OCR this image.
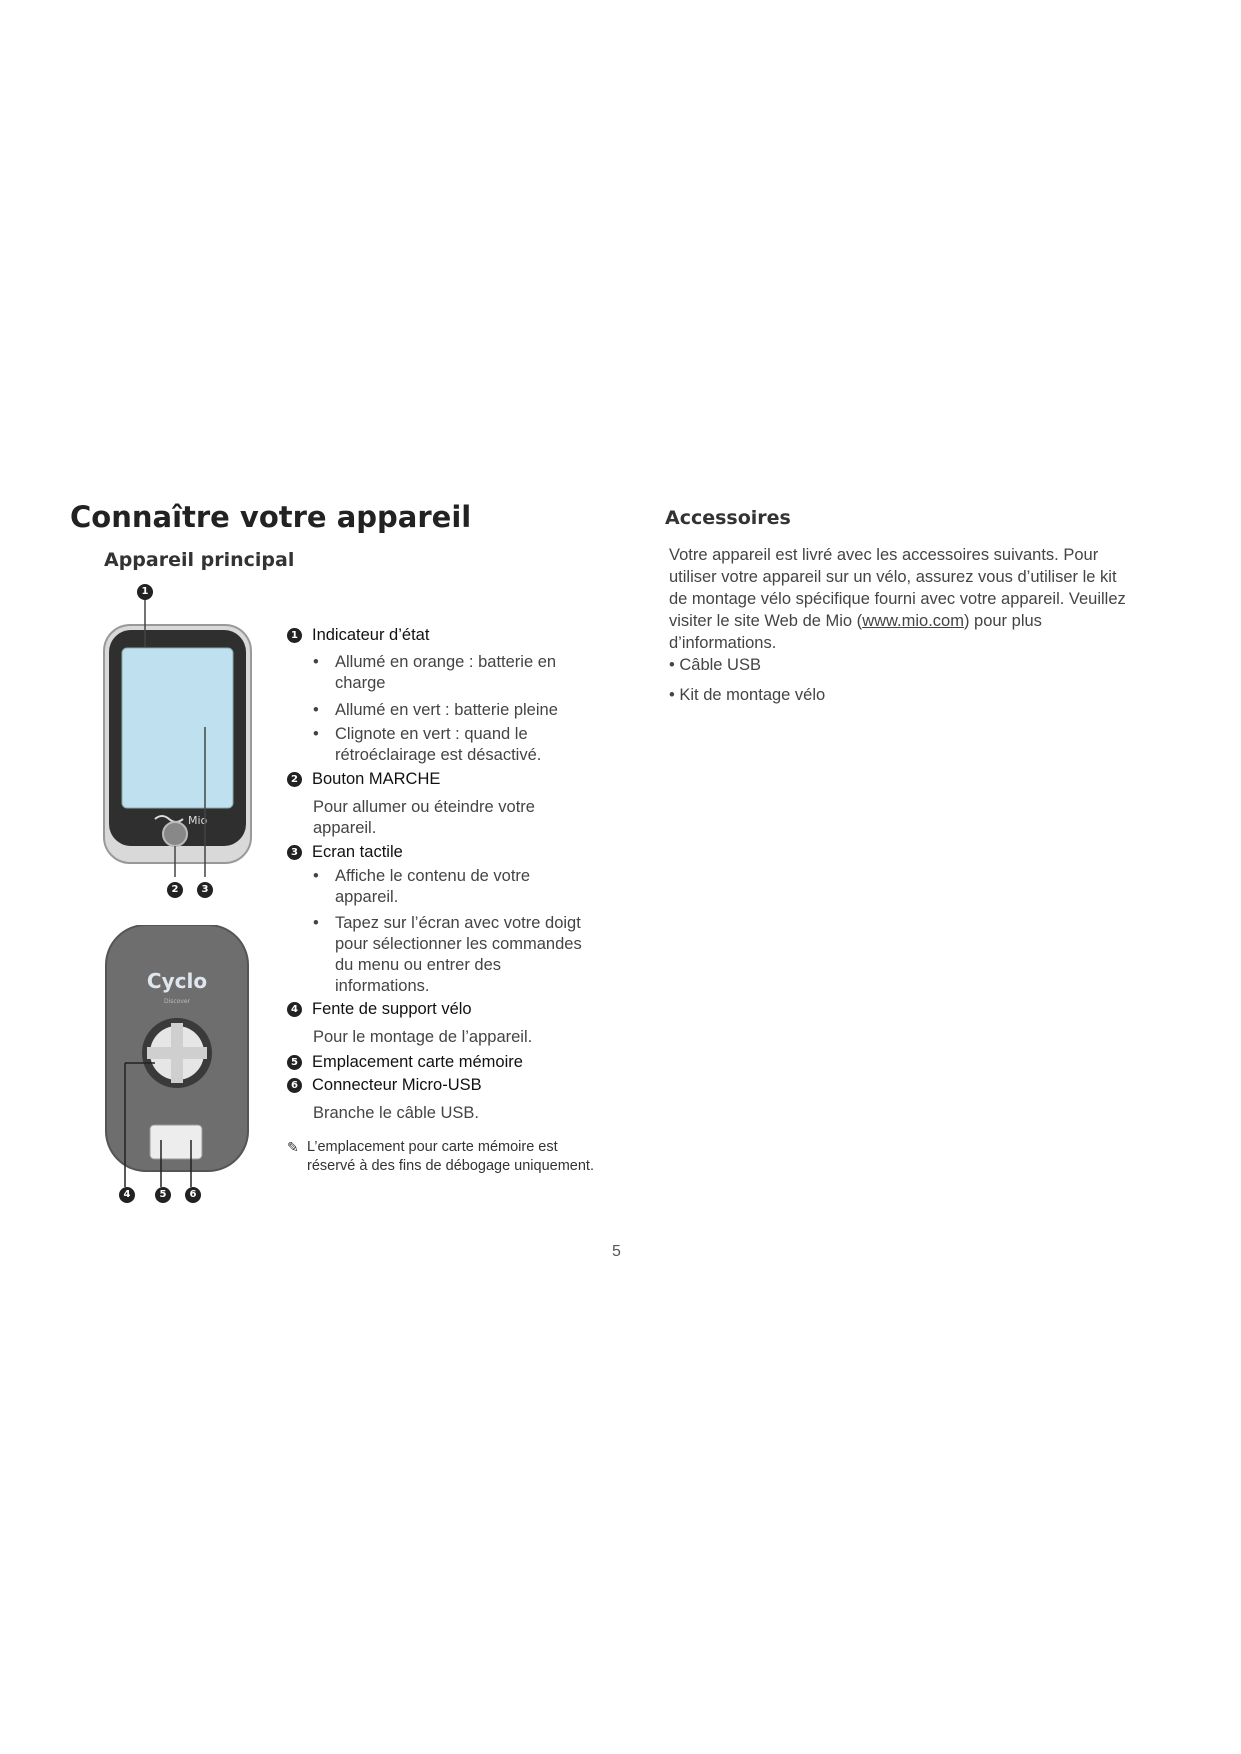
Connaître votre appareil
Appareil principal
Accessoires
Mio
1
2	3
Cyclo
Discover
4	5	6
1 Indicateur d’état
• Allumé en orange : batterie en charge
• Allumé en vert : batterie pleine
• Clignote en vert : quand le rétroéclairage est désactivé.
2 Bouton MARCHE
Pour allumer ou éteindre votre appareil.
3 Ecran tactile
• Affiche le contenu de votre appareil.
• Tapez sur l’écran avec votre doigt pour sélectionner les commandes du menu ou entrer des informations.
4 Fente de support vélo
Pour le montage de l’appareil.
5 Emplacement carte mémoire
6 Connecteur Micro-USB
Branche le câble USB.
✎ L’emplacement pour carte mémoire est réservé à des fins de débogage uniquement.
Votre appareil est livré avec les accessoires suivants. Pour utiliser votre appareil sur un vélo, assurez vous d’utiliser le kit de montage vélo spécifique fourni avec votre appareil. Veuillez visiter le site Web de Mio (www.mio.com) pour plus d’informations.
• Câble USB
• Kit de montage vélo
5
